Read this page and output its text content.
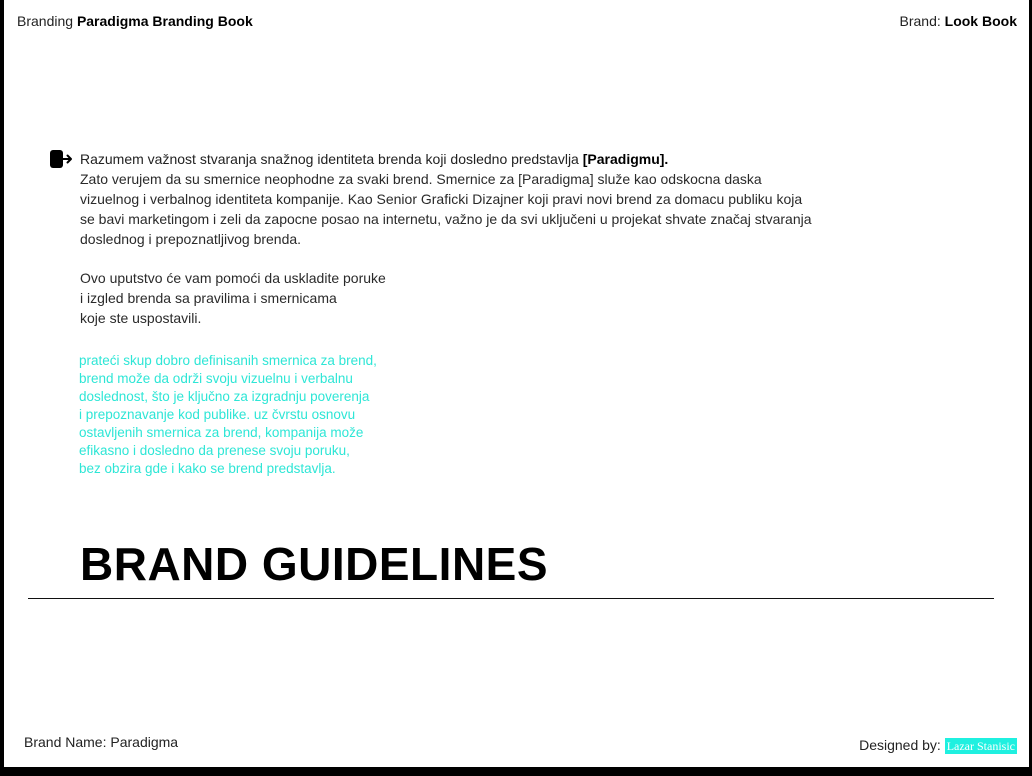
Branding Paradigma Branding Book	Brand: Look Book
Razumem važnost stvaranja snažnog identiteta brenda koji dosledno predstavlja [Paradigmu].
Zato verujem da su smernice neophodne za svaki brend. Smernice za [Paradigma] služe kao odskocna daska vizuelnog i verbalnog identiteta kompanije. Kao Senior Graficki Dizajner koji pravi novi brend za domacu publiku koja se bavi marketingom i zeli da zapocne posao na internetu, važno je da svi uključeni u projekat shvate značaj stvaranja doslednog i prepoznatljivog brenda.
Ovo uputstvo će vam pomoći da uskladite poruke
i izgled brenda sa pravilima i smernicama
koje ste uspostavili.
prateći skup dobro definisanih smernica za brend,
brend može da održi svoju vizuelnu i verbalnu
doslednost, što je ključno za izgradnju poverenja
i prepoznavanje kod publike. uz čvrstu osnovu
ostavljenih smernica za brend, kompanija može
efikasno i dosledno da prenese svoju poruku,
bez obzira gde i kako se brend predstavlja.
BRAND GUIDELINES
Brand Name: Paradigma	Designed by: Lazar Stanisic
